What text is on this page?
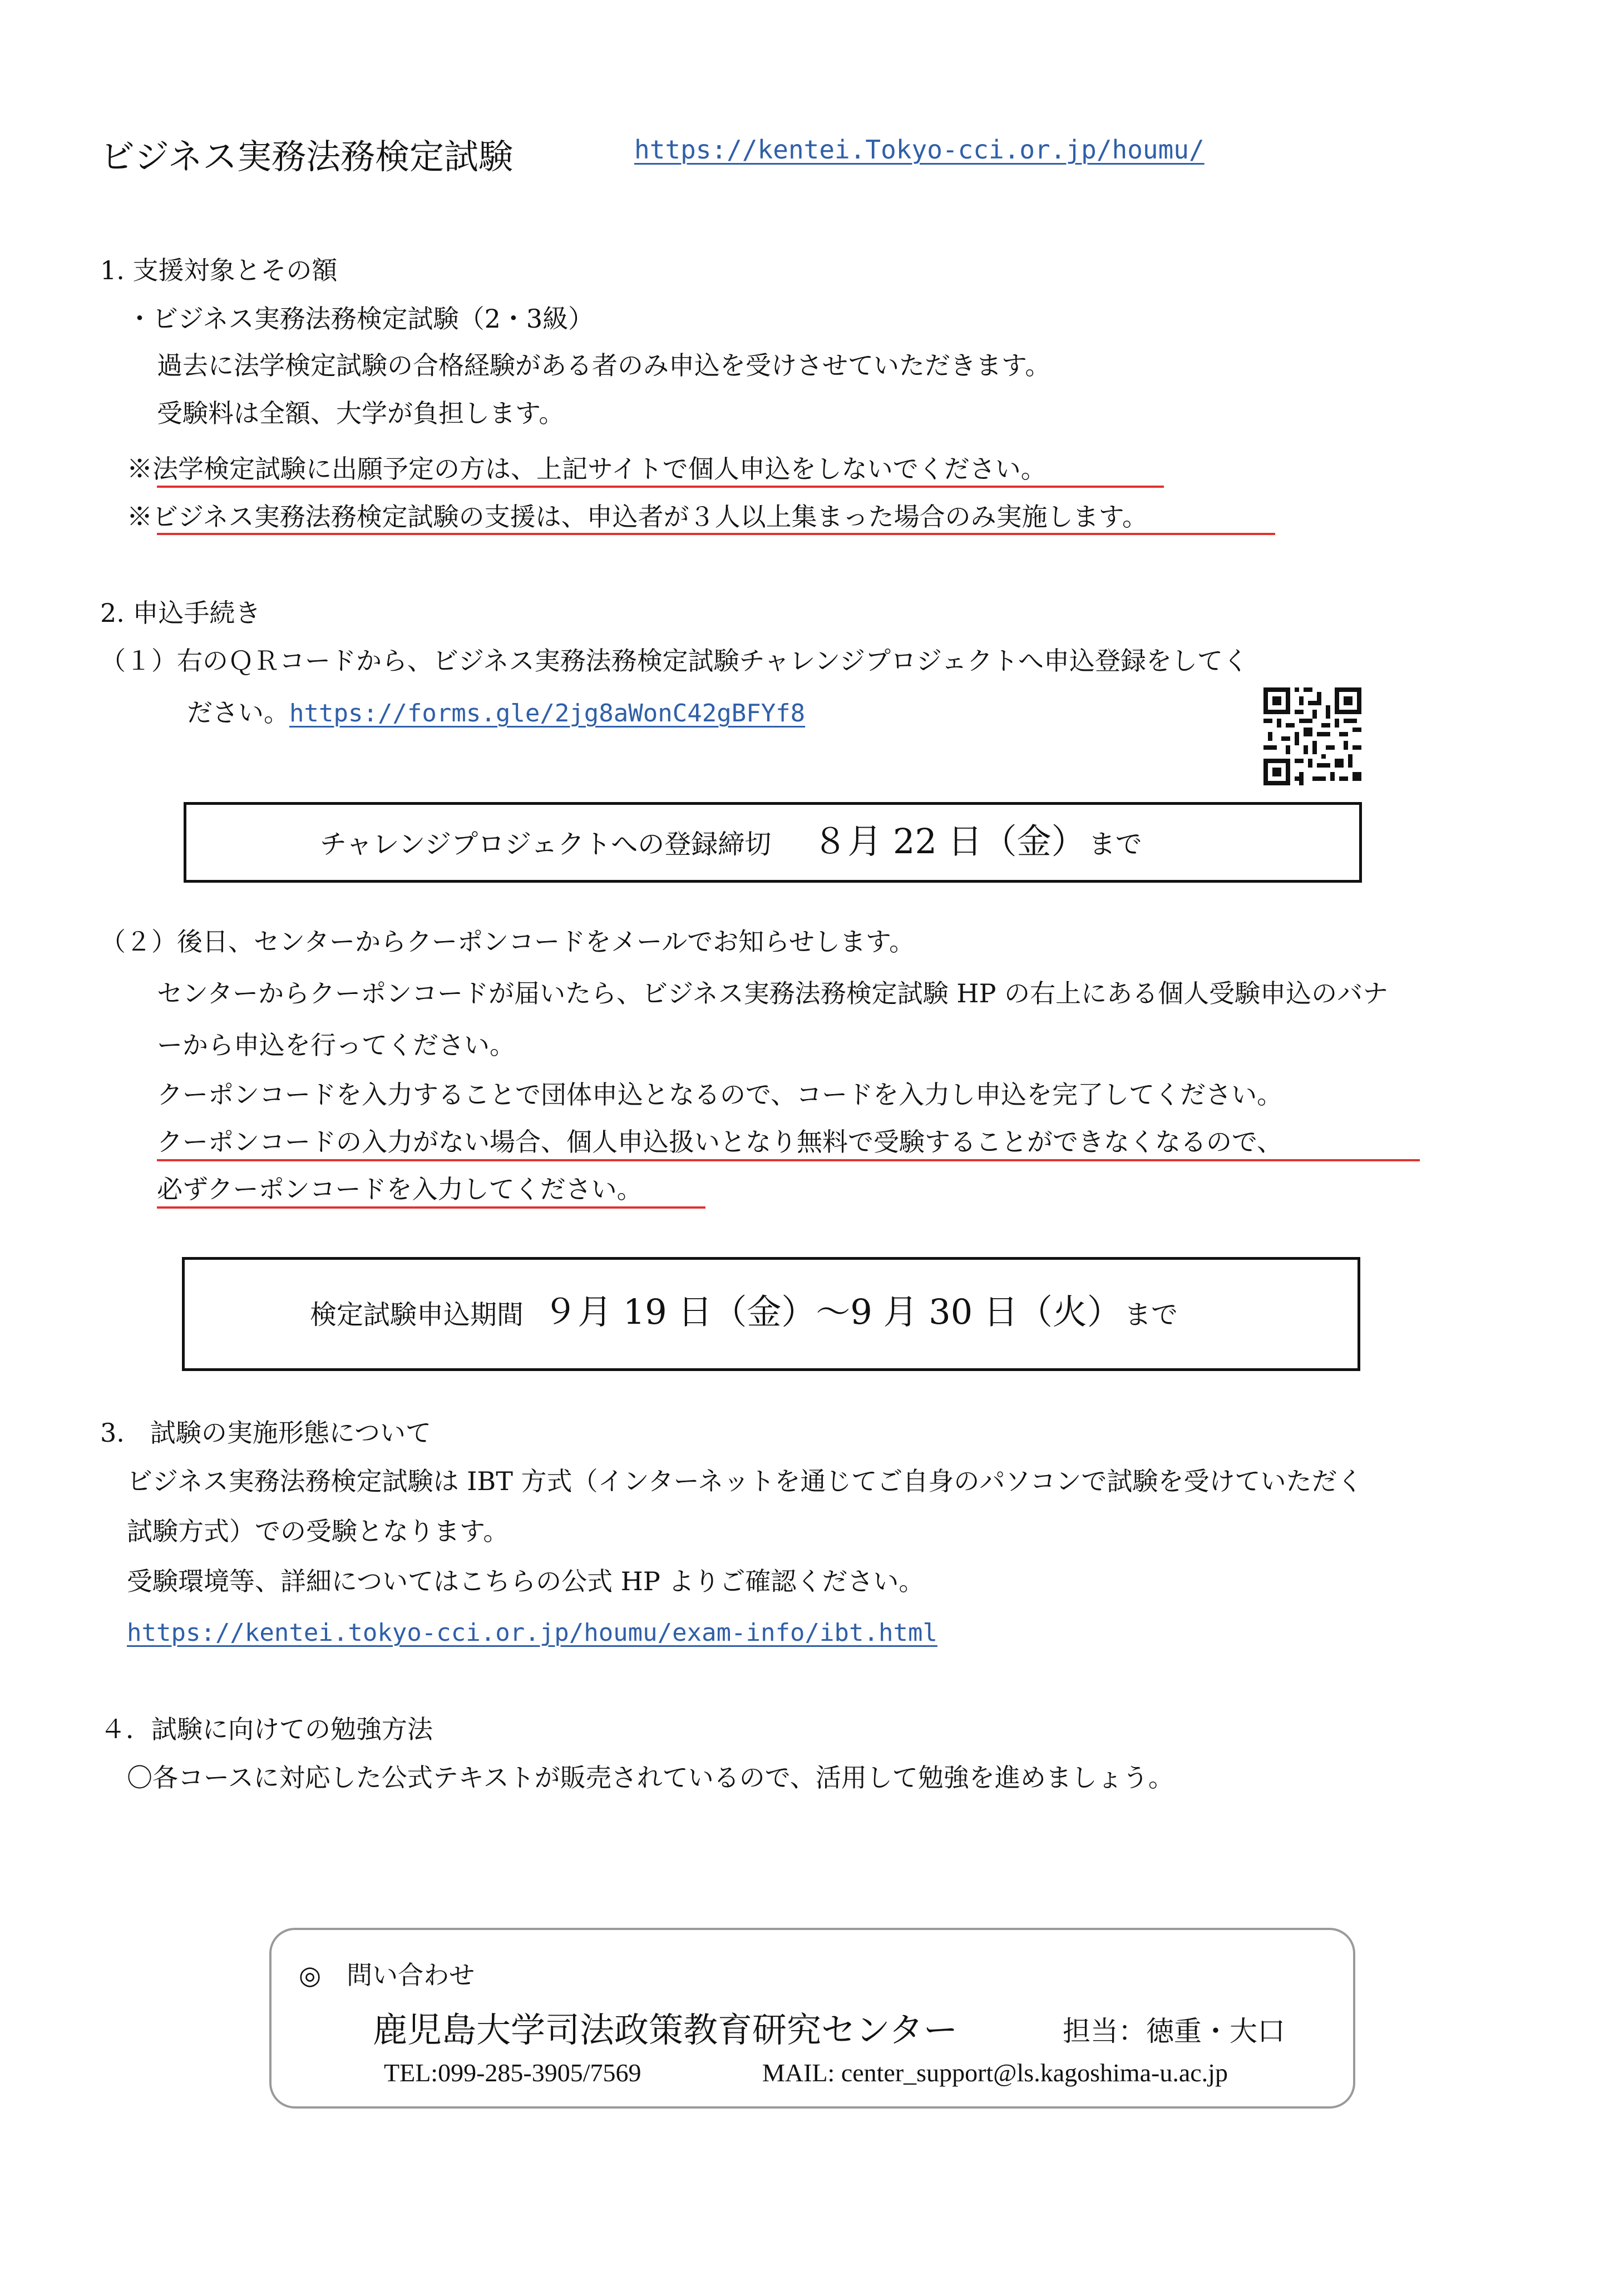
ビジネス実務法務検定試験	https://kentei.Tokyo-cci.or.jp/houmu/
1. 支援対象とその額
・ビジネス実務法務検定試験（2・3級）
過去に法学検定試験の合格経験がある者のみ申込を受けさせていただきます。
受験料は全額、大学が負担します。
※法学検定試験に出願予定の方は、上記サイトで個人申込をしないでください。
※ビジネス実務法務検定試験の支援は、申込者が３人以上集まった場合のみ実施します。
2. 申込手続き
（１）右のＱＲコードから、ビジネス実務法務検定試験チャレンジプロジェクトへ申込登録をしてく
ださい。https://forms.gle/2jg8aWonC42gBFYf8
チャレンジプロジェクトへの登録締切 ８月 22 日（金） まで
（２）後日、センターからクーポンコードをメールでお知らせします。
センターからクーポンコードが届いたら、ビジネス実務法務検定試験 HP の右上にある個人受験申込のバナ
ーから申込を行ってください。
クーポンコードを入力することで団体申込となるので、コードを入力し申込を完了してください。
クーポンコードの入力がない場合、個人申込扱いとなり無料で受験することができなくなるので、
必ずクーポンコードを入力してください。
検定試験申込期間 ９月 19 日（金）～9 月 30 日（火） まで
3.　試験の実施形態について
ビジネス実務法務検定試験は IBT 方式（インターネットを通じてご自身のパソコンで試験を受けていただく
試験方式）での受験となります。
受験環境等、詳細についてはこちらの公式 HP よりご確認ください。
https://kentei.tokyo-cci.or.jp/houmu/exam-info/ibt.html
４．試験に向けての勉強方法
〇各コースに対応した公式テキストが販売されているので、活用して勉強を進めましょう。
◎　問い合わせ
鹿児島大学司法政策教育研究センター	担当：徳重・大口
TEL:099-285-3905/7569	MAIL: center_support@ls.kagoshima-u.ac.jp
